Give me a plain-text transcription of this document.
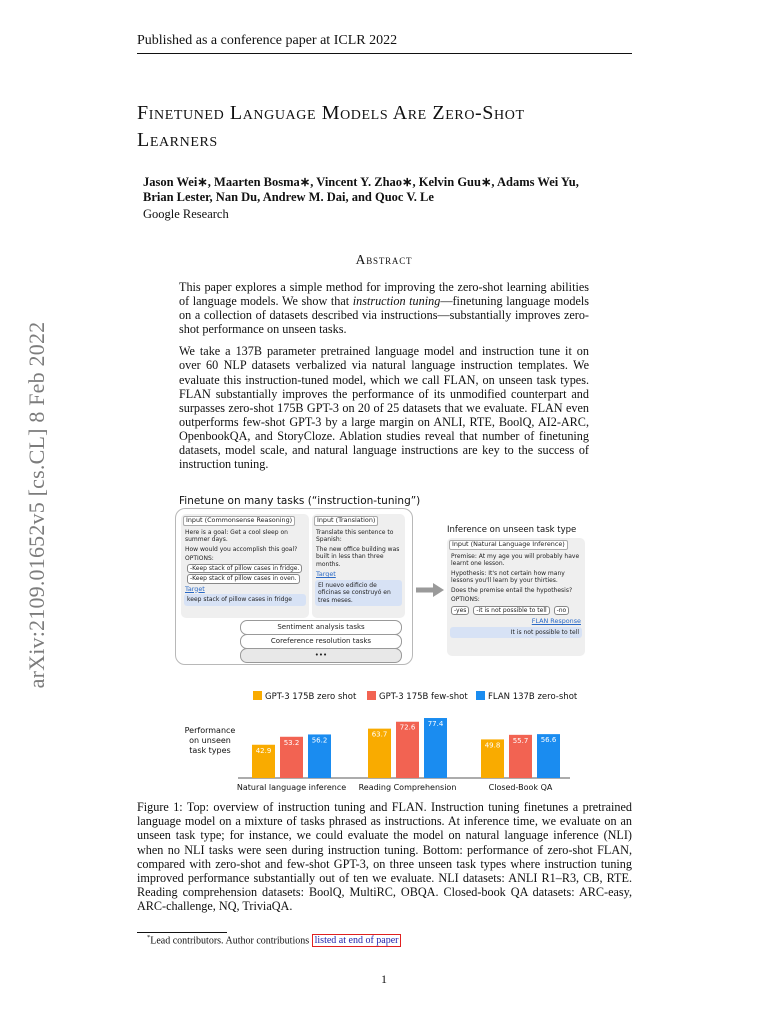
Published as a conference paper at ICLR 2022
arXiv:2109.01652v5 [cs.CL] 8 Feb 2022
Finetuned Language Models Are Zero-Shot
Learners
Jason Wei∗, Maarten Bosma∗, Vincent Y. Zhao∗, Kelvin Guu∗, Adams Wei Yu,
Brian Lester, Nan Du, Andrew M. Dai, and Quoc V. Le
Google Research
Abstract

This paper explores a simple method for improving the zero-shot learning abilities of language models. We show that instruction tuning—finetuning language models on a collection of datasets described via instructions—substantially improves zero-shot performance on unseen tasks.

We take a 137B parameter pretrained language model and instruction tune it on over 60 NLP datasets verbalized via natural language instruction templates. We evaluate this instruction-tuned model, which we call FLAN, on unseen task types. FLAN substantially improves the performance of its unmodified counterpart and surpasses zero-shot 175B GPT-3 on 20 of 25 datasets that we evaluate. FLAN even outperforms few-shot GPT-3 by a large margin on ANLI, RTE, BoolQ, AI2-ARC, OpenbookQA, and StoryCloze. Ablation studies reveal that number of finetuning datasets, model scale, and natural language instructions are key to the success of instruction tuning.

Finetune on many tasks (“instruction-tuning”)
Input (Commonsense Reasoning)
Here is a goal: Get a cool sleep on summer days.
How would you accomplish this goal?
OPTIONS:
-Keep stack of pillow cases in fridge.
-Keep stack of pillow cases in oven.
Target
keep stack of pillow cases in fridge
Input (Translation)
Translate this sentence to Spanish:
The new office building was built in less than three months.
Target
El nuevo edificio de oficinas se construyó en tres meses.
Sentiment analysis tasks
Coreference resolution tasks
•••
Inference on unseen task type
Input (Natural Language Inference)
Premise: At my age you will probably have learnt one lesson.
Hypothesis: It's not certain how many lessons you'll learn by your thirties.
Does the premise entail the hypothesis?
OPTIONS:
-yes -it is not possible to tell -no
FLAN Response
It is not possible to tell
GPT-3 175B zero shot	GPT-3 175B few-shot FLAN 137B zero-shot
Performance
on unseen
task types	42.9
53.2 56.2
Natural language inference
63.7
72.6 77.4
Reading Comprehension
49.8
55.7 56.6
Closed-Book QA
Figure 1: Top: overview of instruction tuning and FLAN. Instruction tuning finetunes a pretrained language model on a mixture of tasks phrased as instructions. At inference time, we evaluate on an unseen task type; for instance, we could evaluate the model on natural language inference (NLI) when no NLI tasks were seen during instruction tuning. Bottom: performance of zero-shot FLAN, compared with zero-shot and few-shot GPT-3, on three unseen task types where instruction tuning improved performance substantially out of ten we evaluate. NLI datasets: ANLI R1–R3, CB, RTE. Reading comprehension datasets: BoolQ, MultiRC, OBQA. Closed-book QA datasets: ARC-easy, ARC-challenge, NQ, TriviaQA.
*Lead contributors. Author contributions listed at end of paper
1
